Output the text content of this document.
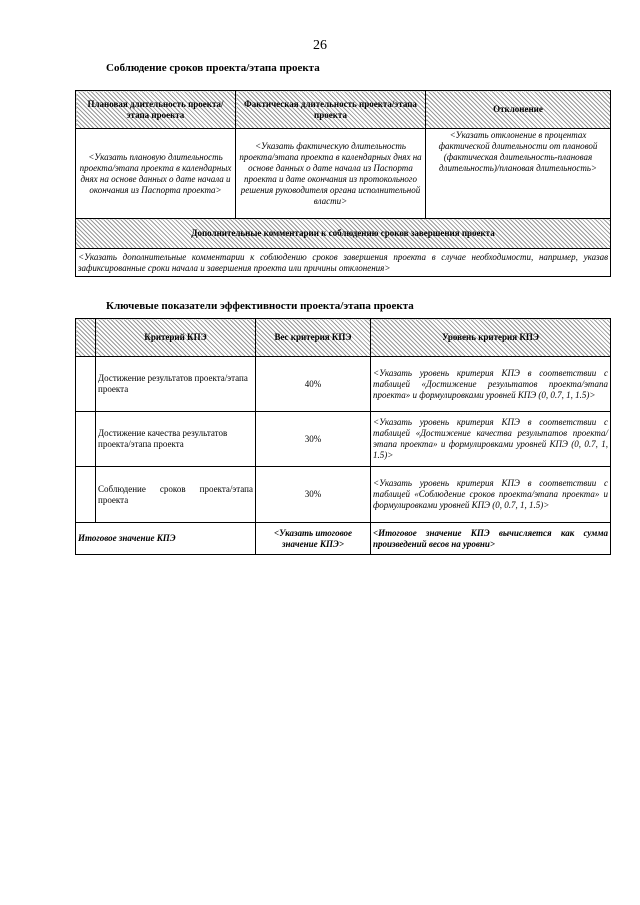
26
Соблюдение сроков проекта/этапа проекта
Плановая длительность проекта/этапа проекта	Фактическая длительность проекта/этапа проекта	Отклонение
<Указать плановую длительность проекта/этапа проекта в календарных днях на основе данных о дате начала и окончания из Паспорта проекта>	<Указать фактическую длительность проекта/этапа проекта в календарных днях на основе данных о дате начала из Паспорта проекта и дате окончания из протокольного решения руководителя органа исполнительной власти>	<Указать отклонение в процентах фактической длительности от плановой (фактическая длительность-плановая длительность)/плановая длительность>
Дополнительные комментарии к соблюдению сроков завершения проекта		
<Указать дополнительные комментарии к соблюдению сроков завершения проекта в случае необходимости, например, указав зафиксированные сроки начала и завершения проекта или причины отклонения>		
Ключевые показатели эффективности проекта/этапа проекта
	Критерий КПЭ	Вес критерия КПЭ	Уровень критерия КПЭ
	Достижение результатов проекта/этапа проекта	40%	<Указать уровень критерия КПЭ в соответствии с таблицей «Достижение результатов проекта/этапа проекта» и формулировками уровней КПЭ (0, 0.7, 1, 1.5)>
	Достижение качества результатов проекта/этапа проекта	30%	<Указать уровень критерия КПЭ в соответствии с таблицей «Достижение качества результатов проекта/этапа проекта» и формулировками уровней КПЭ (0, 0.7, 1, 1.5)>
	Соблюдение сроков проекта/этапа проекта	30%	<Указать уровень критерия КПЭ в соответствии с таблицей «Соблюдение сроков проекта/этапа проекта» и формулировками уровней КПЭ (0, 0.7, 1, 1.5)>
Итоговое значение КПЭ		<Указать итоговое значение КПЭ>	<Итоговое значение КПЭ вычисляется как сумма произведений весов на уровни>
